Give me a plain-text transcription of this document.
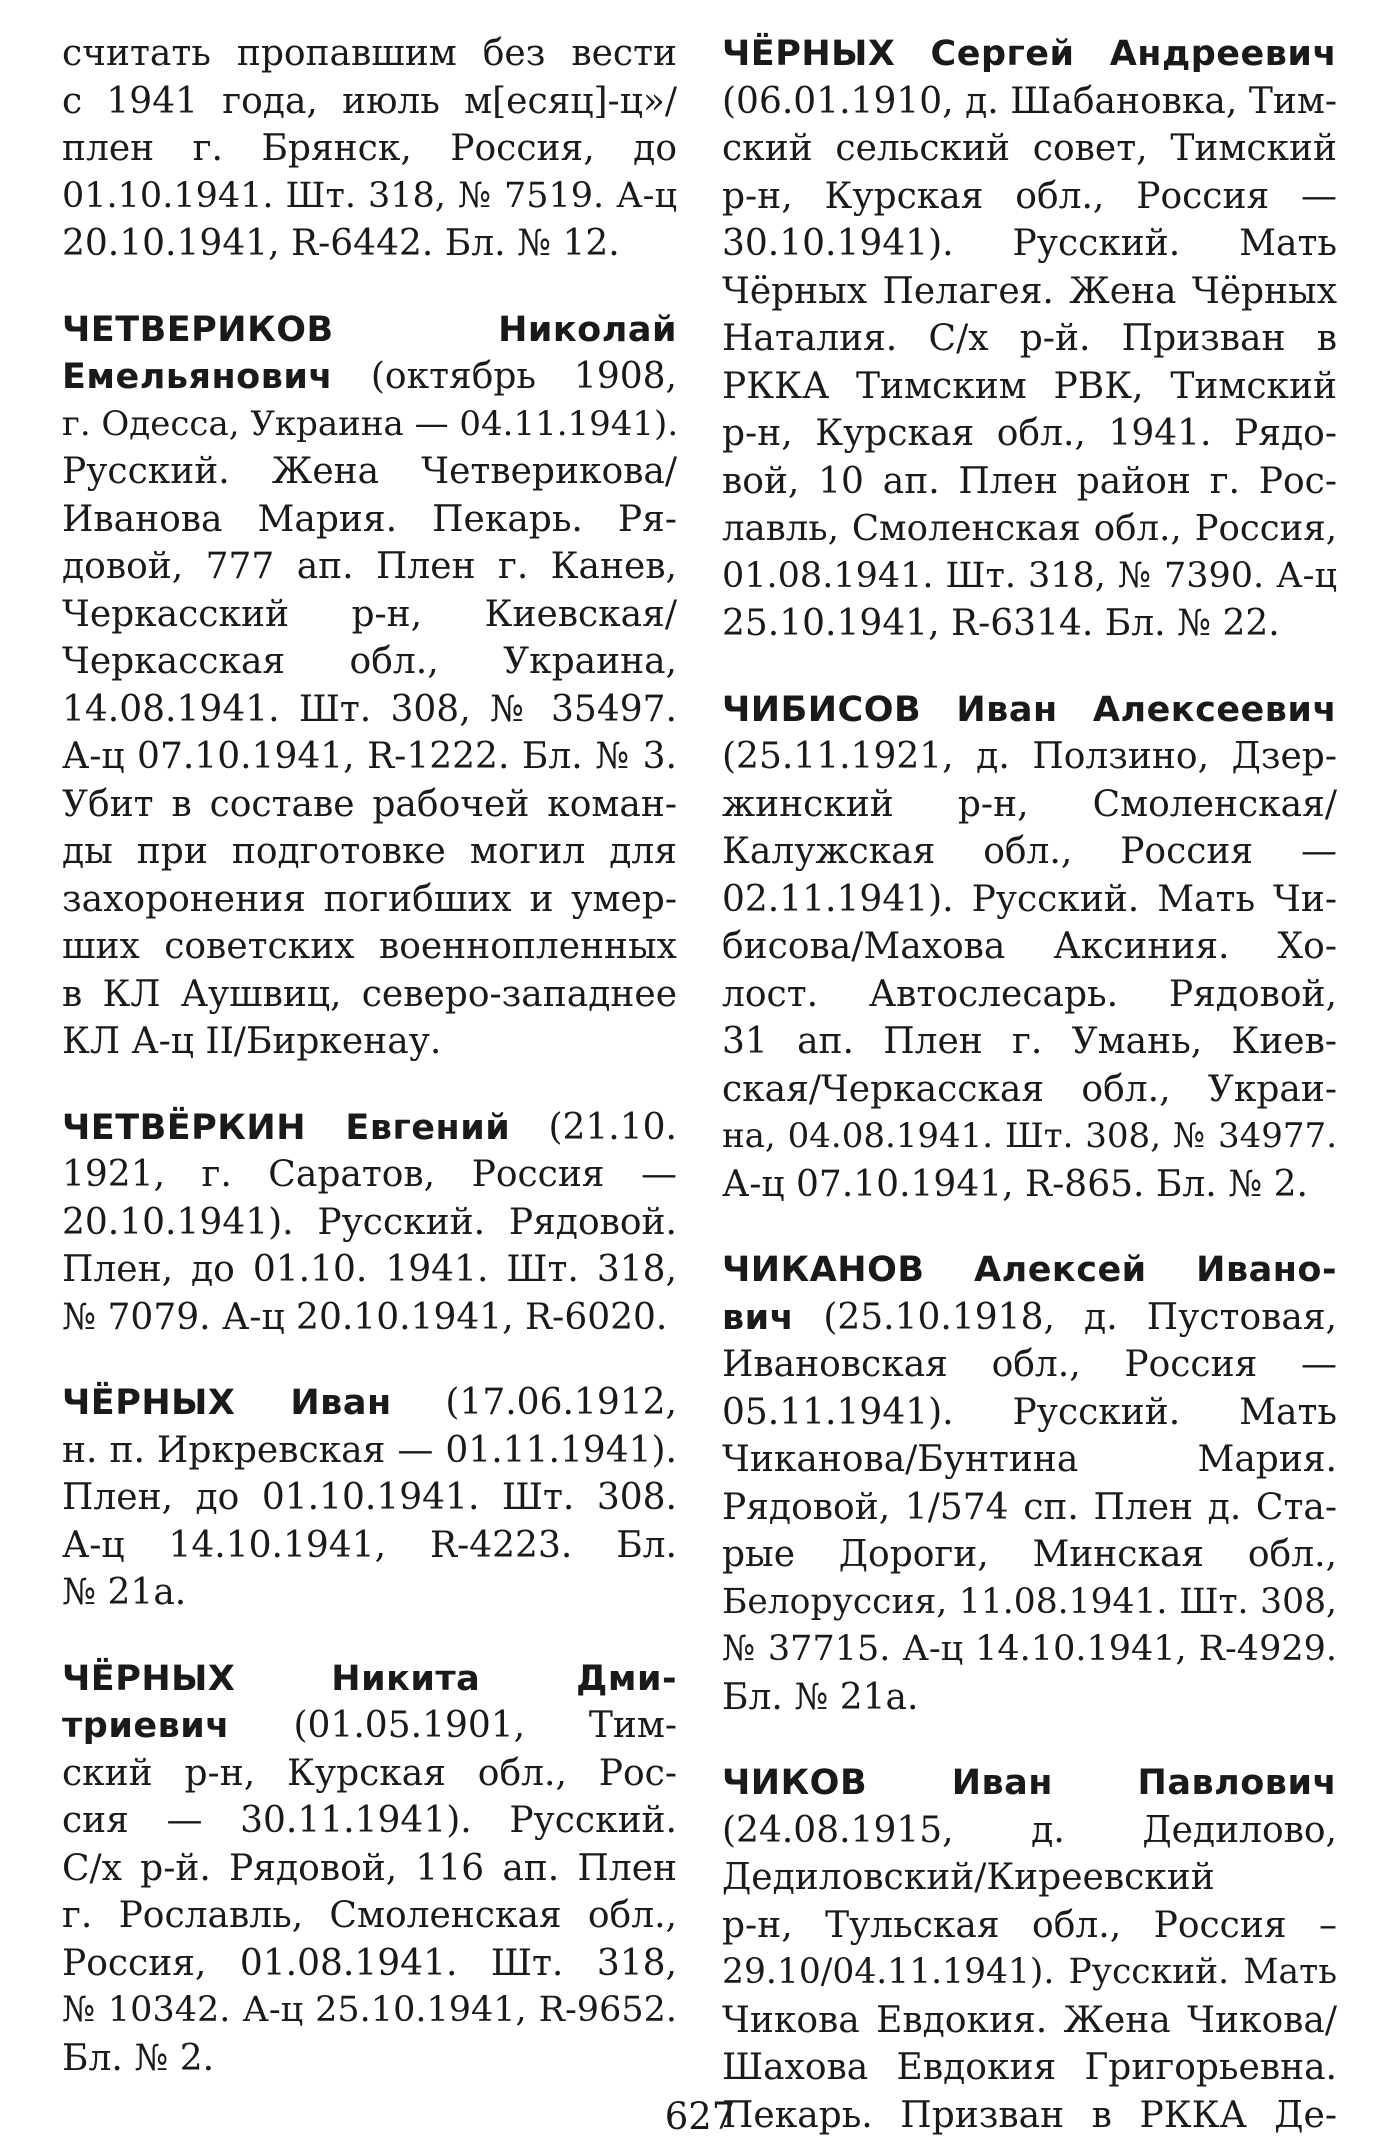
считать пропавшим без вести
с 1941 года, июль м[есяц]-ц»/
плен г. Брянск, Россия, до
01.10.1941. Шт. 318, № 7519. А-ц
20.10.1941, R-6442. Бл. № 12.
ЧЕТВЕРИКОВ Николай
Емельянович (октябрь 1908,
г. Одесса, Украина — 04.11.1941).
Русский. Жена Четверикова/
Иванова Мария. Пекарь. Ря-
довой, 777 ап. Плен г. Канев,
Черкасский р-н, Киевская/
Черкасская обл., Украина,
14.08.1941. Шт. 308, № 35497.
А-ц 07.10.1941, R-1222. Бл. № 3.
Убит в составе рабочей коман-
ды при подготовке могил для
захоронения погибших и умер-
ших советских военнопленных
в КЛ Аушвиц, северо-западнее
КЛ А-ц II/Биркенау.
ЧЕТВЁРКИН Евгений (21.10.
1921, г. Саратов, Россия —
20.10.1941). Русский. Рядовой.
Плен, до 01.10. 1941. Шт. 318,
№ 7079. А-ц 20.10.1941, R-6020.
ЧЁРНЫХ Иван (17.06.1912,
н. п. Иркревская — 01.11.1941).
Плен, до 01.10.1941. Шт. 308.
А-ц 14.10.1941, R-4223. Бл.
№ 21а.
ЧЁРНЫХ Никита Дми-
триевич (01.05.1901, Тим-
ский р-н, Курская обл., Рос-
сия — 30.11.1941). Русский.
С/х р-й. Рядовой, 116 ап. Плен
г. Рославль, Смоленская обл.,
Россия, 01.08.1941. Шт. 318,
№ 10342. А-ц 25.10.1941, R-9652.
Бл. № 2.
ЧЁРНЫХ Сергей Андреевич
(06.01.1910, д. Шабановка, Тим-
ский сельский совет, Тимский
р-н, Курская обл., Россия —
30.10.1941). Русский. Мать
Чёрных Пелагея. Жена Чёрных
Наталия. С/х р-й. Призван в
РККА Тимским РВК, Тимский
р-н, Курская обл., 1941. Рядо-
вой, 10 ап. Плен район г. Рос-
лавль, Смоленская обл., Россия,
01.08.1941. Шт. 318, № 7390. А-ц
25.10.1941, R-6314. Бл. № 22.
ЧИБИСОВ Иван Алексеевич
(25.11.1921, д. Ползино, Дзер-
жинский р-н, Смоленская/
Калужская обл., Россия —
02.11.1941). Русский. Мать Чи-
бисова/Махова Аксиния. Хо-
лост. Автослесарь. Рядовой,
31 ап. Плен г. Умань, Киев-
ская/Черкасская обл., Украи-
на, 04.08.1941. Шт. 308, № 34977.
А-ц 07.10.1941, R-865. Бл. № 2.
ЧИКАНОВ Алексей Ивано-
вич (25.10.1918, д. Пустовая,
Ивановская обл., Россия —
05.11.1941). Русский. Мать
Чиканова/Бунтина Мария.
Рядовой, 1/574 сп. Плен д. Ста-
рые Дороги, Минская обл.,
Белоруссия, 11.08.1941. Шт. 308,
№ 37715. А-ц 14.10.1941, R-4929.
Бл. № 21а.
ЧИКОВ Иван Павлович
(24.08.1915, д. Дедилово,
Дедиловский/Киреевский
р-н, Тульская обл., Россия –
29.10/04.11.1941). Русский. Мать
Чикова Евдокия. Жена Чикова/
Шахова Евдокия Григорьевна.
Пекарь. Призван в РККА Де-
627
